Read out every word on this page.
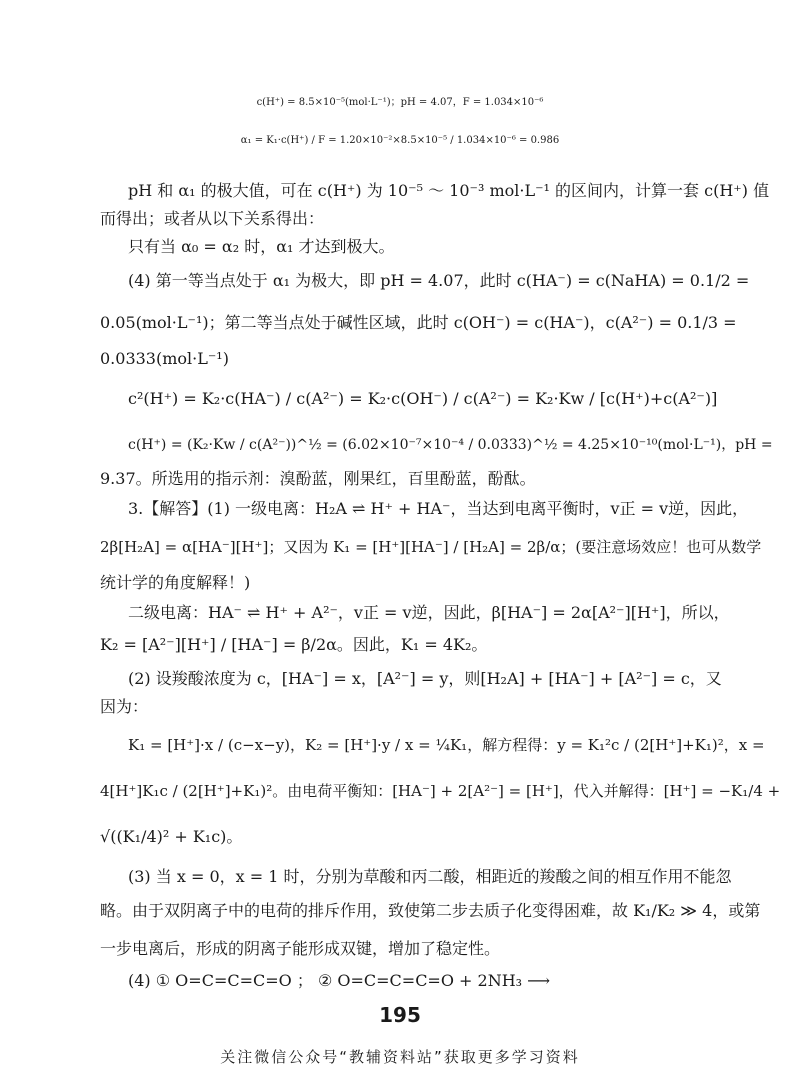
c(H⁺) = 8.5×10⁻⁵(mol·L⁻¹)；pH = 4.07，F = 1.034×10⁻⁶
α₁ = K₁·c(H⁺) / F = 1.20×10⁻²×8.5×10⁻⁵ / 1.034×10⁻⁶ = 0.986
pH 和 α₁ 的极大值，可在 c(H⁺) 为 10⁻⁵ ～ 10⁻³ mol·L⁻¹ 的区间内，计算一套 c(H⁺) 值
而得出；或者从以下关系得出：
只有当 α₀ = α₂ 时，α₁ 才达到极大。
(4) 第一等当点处于 α₁ 为极大，即 pH = 4.07，此时 c(HA⁻) = c(NaHA) = 0.1/2 =
0.05(mol·L⁻¹)；第二等当点处于碱性区域，此时 c(OH⁻) = c(HA⁻)，c(A²⁻) = 0.1/3 =
0.0333(mol·L⁻¹)
c²(H⁺) = K₂·c(HA⁻) / c(A²⁻) = K₂·c(OH⁻) / c(A²⁻) = K₂·Kw / [c(H⁺)+c(A²⁻)]
c(H⁺) = (K₂·Kw / c(A²⁻))^½ = (6.02×10⁻⁷×10⁻⁴ / 0.0333)^½ = 4.25×10⁻¹⁰(mol·L⁻¹)，pH =
9.37。所选用的指示剂：溴酚蓝，刚果红，百里酚蓝，酚酞。
3.【解答】(1) 一级电离：H₂A ⇌ H⁺ + HA⁻，当达到电离平衡时，v正 = v逆，因此，
2β[H₂A] = α[HA⁻][H⁺]；又因为 K₁ = [H⁺][HA⁻] / [H₂A] = 2β/α；(要注意场效应！也可从数学
统计学的角度解释！)
二级电离：HA⁻ ⇌ H⁺ + A²⁻，v正 = v逆，因此，β[HA⁻] = 2α[A²⁻][H⁺]，所以，
K₂ = [A²⁻][H⁺] / [HA⁻] = β/2α。因此，K₁ = 4K₂。
(2) 设羧酸浓度为 c，[HA⁻] = x，[A²⁻] = y，则[H₂A] + [HA⁻] + [A²⁻] = c，又
因为：
K₁ = [H⁺]·x / (c−x−y)，K₂ = [H⁺]·y / x = ¼K₁，解方程得：y = K₁²c / (2[H⁺]+K₁)²，x =
4[H⁺]K₁c / (2[H⁺]+K₁)²。由电荷平衡知：[HA⁻] + 2[A²⁻] = [H⁺]，代入并解得：[H⁺] = −K₁/4 +
√((K₁/4)² + K₁c)。
(3) 当 x = 0，x = 1 时，分别为草酸和丙二酸，相距近的羧酸之间的相互作用不能忽
略。由于双阴离子中的电荷的排斥作用，致使第二步去质子化变得困难，故 K₁/K₂ ≫ 4，或第
一步电离后，形成的阴离子能形成双键，增加了稳定性。
(4) ① O=C=C=C=O ； ② O=C=C=C=O + 2NH₃ ⟶
195
关注微信公众号“教辅资料站”获取更多学习资料
